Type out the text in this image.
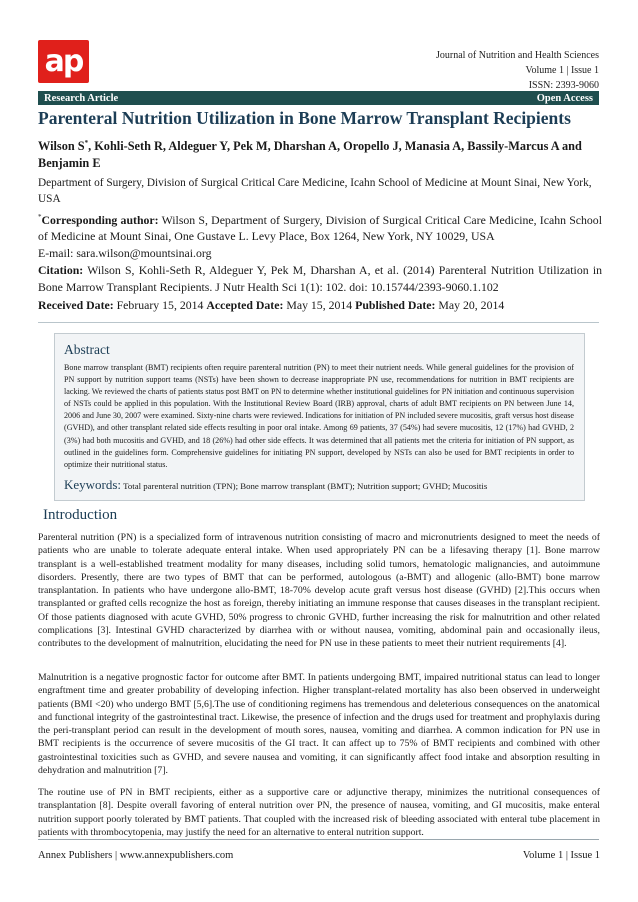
ap	Journal of Nutrition and Health Sciences
Volume 1 | Issue 1
ISSN: 2393-9060
Research Article	Open Access
Parenteral Nutrition Utilization in Bone Marrow Transplant Recipients
Wilson S*, Kohli-Seth R, Aldeguer Y, Pek M, Dharshan A, Oropello J, Manasia A, Bassily-Marcus A and Benjamin E
Department of Surgery, Division of Surgical Critical Care Medicine, Icahn School of Medicine at Mount Sinai, New York, USA
*Corresponding author: Wilson S, Department of Surgery, Division of Surgical Critical Care Medicine, Icahn School of Medicine at Mount Sinai, One Gustave L. Levy Place, Box 1264, New York, NY 10029, USA
E-mail: sara.wilson@mountsinai.org
Citation: Wilson S, Kohli-Seth R, Aldeguer Y, Pek M, Dharshan A, et al. (2014) Parenteral Nutrition Utilization in Bone Marrow Transplant Recipients. J Nutr Health Sci 1(1): 102. doi: 10.15744/2393-9060.1.102
Received Date: February 15, 2014 Accepted Date: May 15, 2014 Published Date: May 20, 2014
Abstract

Bone marrow transplant (BMT) recipients often require parenteral nutrition (PN) to meet their nutrient needs. While general guidelines for the provision of PN support by nutrition support teams (NSTs) have been shown to decrease inappropriate PN use, recommendations for nutrition in BMT recipients are lacking. We reviewed the charts of patients status post BMT on PN to determine whether institutional guidelines for PN initiation and continuous supervision of NSTs could be applied in this population. With the Institutional Review Board (IRB) approval, charts of adult BMT recipients on PN between June 14, 2006 and June 30, 2007 were examined. Sixty-nine charts were reviewed. Indications for initiation of PN included severe mucositis, graft versus host disease (GVHD), and other transplant related side effects resulting in poor oral intake. Among 69 patients, 37 (54%) had severe mucositis, 12 (17%) had GVHD, 2 (3%) had both mucositis and GVHD, and 18 (26%) had other side effects. It was determined that all patients met the criteria for initiation of PN support, as outlined in the guidelines form. Comprehensive guidelines for initiating PN support, developed by NSTs can also be used for BMT recipients in order to optimize their nutritional status.

Keywords: Total parenteral nutrition (TPN); Bone marrow transplant (BMT); Nutrition support; GVHD; Mucositis
Introduction

Parenteral nutrition (PN) is a specialized form of intravenous nutrition consisting of macro and micronutrients designed to meet the needs of patients who are unable to tolerate adequate enteral intake. When used appropriately PN can be a lifesaving therapy [1]. Bone marrow transplant is a well-established treatment modality for many diseases, including solid tumors, hematologic malignancies, and autoimmune disorders. Presently, there are two types of BMT that can be performed, autologous (a-BMT) and allogenic (allo-BMT) bone marrow transplantation. In patients who have undergone allo-BMT, 18-70% develop acute graft versus host disease (GVHD) [2].This occurs when transplanted or grafted cells recognize the host as foreign, thereby initiating an immune response that causes diseases in the transplant recipient. Of those patients diagnosed with acute GVHD, 50% progress to chronic GVHD, further increasing the risk for malnutrition and other related complications [3]. Intestinal GVHD characterized by diarrhea with or without nausea, vomiting, abdominal pain and occasionally ileus, contributes to the development of malnutrition, elucidating the need for PN use in these patients to meet their nutrient requirements [4].

Malnutrition is a negative prognostic factor for outcome after BMT. In patients undergoing BMT, impaired nutritional status can lead to longer engraftment time and greater probability of developing infection. Higher transplant-related mortality has also been observed in underweight patients (BMI <20) who undergo BMT [5,6].The use of conditioning regimens has tremendous and deleterious consequences on the anatomical and functional integrity of the gastrointestinal tract. Likewise, the presence of infection and the drugs used for treatment and prophylaxis during the peri-transplant period can result in the development of mouth sores, nausea, vomiting and diarrhea. A common indication for PN use in BMT recipients is the occurrence of severe mucositis of the GI tract. It can affect up to 75% of BMT recipients and combined with other gastrointestinal toxicities such as GVHD, and severe nausea and vomiting, it can significantly affect food intake and absorption resulting in dehydration and malnutrition [7].

The routine use of PN in BMT recipients, either as a supportive care or adjunctive therapy, minimizes the nutritional consequences of transplantation [8]. Despite overall favoring of enteral nutrition over PN, the presence of nausea, vomiting, and GI mucositis, make enteral nutrition support poorly tolerated by BMT patients. That coupled with the increased risk of bleeding associated with enteral tube placement in patients with thrombocytopenia, may justify the need for an alternative to enteral nutrition support.

Annex Publishers | www.annexpublishers.com	Volume 1 | Issue 1
